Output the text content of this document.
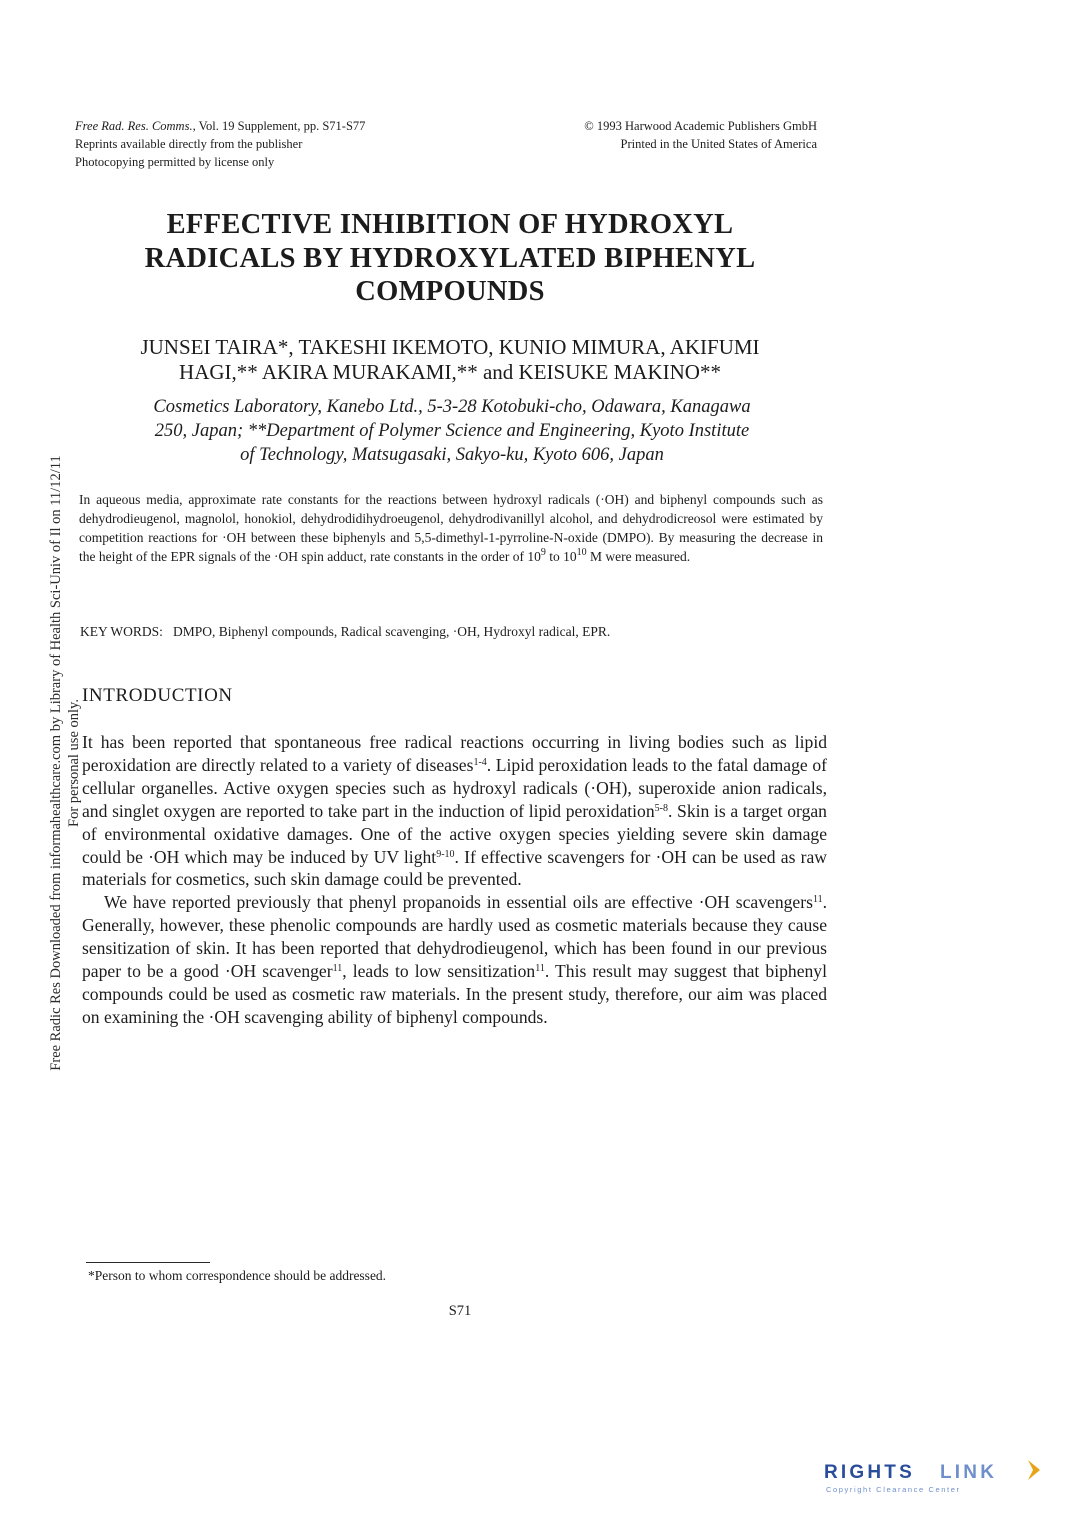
Free Radic Res Downloaded from informahealthcare.com by Library of Health Sci-Univ of Il on 11/12/11 For personal use only.
Free Rad. Res. Comms., Vol. 19 Supplement, pp. S71-S77
Reprints available directly from the publisher
Photocopying permitted by license only
© 1993 Harwood Academic Publishers GmbH
Printed in the United States of America
EFFECTIVE INHIBITION OF HYDROXYL
RADICALS BY HYDROXYLATED BIPHENYL
COMPOUNDS
JUNSEI TAIRA*, TAKESHI IKEMOTO, KUNIO MIMURA, AKIFUMI
HAGI,** AKIRA MURAKAMI,** and KEISUKE MAKINO**
Cosmetics Laboratory, Kanebo Ltd., 5-3-28 Kotobuki-cho, Odawara, Kanagawa
250, Japan; **Department of Polymer Science and Engineering, Kyoto Institute
of Technology, Matsugasaki, Sakyo-ku, Kyoto 606, Japan
In aqueous media, approximate rate constants for the reactions between hydroxyl radicals (·OH) and biphenyl compounds such as dehydrodieugenol, magnolol, honokiol, dehydrodidihydroeugenol, dehydrodivanillyl alcohol, and dehydrodicreosol were estimated by competition reactions for ·OH between these biphenyls and 5,5-dimethyl-1-pyrroline-N-oxide (DMPO). By measuring the decrease in the height of the EPR signals of the ·OH spin adduct, rate constants in the order of $10^9$ to $10^{10}$ M were measured.
KEY WORDS: DMPO, Biphenyl compounds, Radical scavenging, ·OH, Hydroxyl radical, EPR.
INTRODUCTION

It has been reported that spontaneous free radical reactions occurring in living bodies such as lipid peroxidation are directly related to a variety of diseases$^{1-4}$. Lipid peroxidation leads to the fatal damage of cellular organelles. Active oxygen species such as hydroxyl radicals (·OH), superoxide anion radicals, and singlet oxygen are reported to take part in the induction of lipid peroxidation$^{5-8}$. Skin is a target organ of environmental oxidative damages. One of the active oxygen species yielding severe skin damage could be ·OH which may be induced by UV light$^{9-10}$. If effective scavengers for ·OH can be used as raw materials for cosmetics, such skin damage could be prevented.

We have reported previously that phenyl propanoids in essential oils are effective ·OH scavengers$^{11}$. Generally, however, these phenolic compounds are hardly used as cosmetic materials because they cause sensitization of skin. It has been reported that dehydrodieugenol, which has been found in our previous paper to be a good ·OH scavenger$^{11}$, leads to low sensitization$^{11}$. This result may suggest that biphenyl compounds could be used as cosmetic raw materials. In the present study, therefore, our aim was placed on examining the ·OH scavenging ability of biphenyl compounds.

*Person to whom correspondence should be addressed.
S71
RIGHTS LINK
Copyright Clearance Center
